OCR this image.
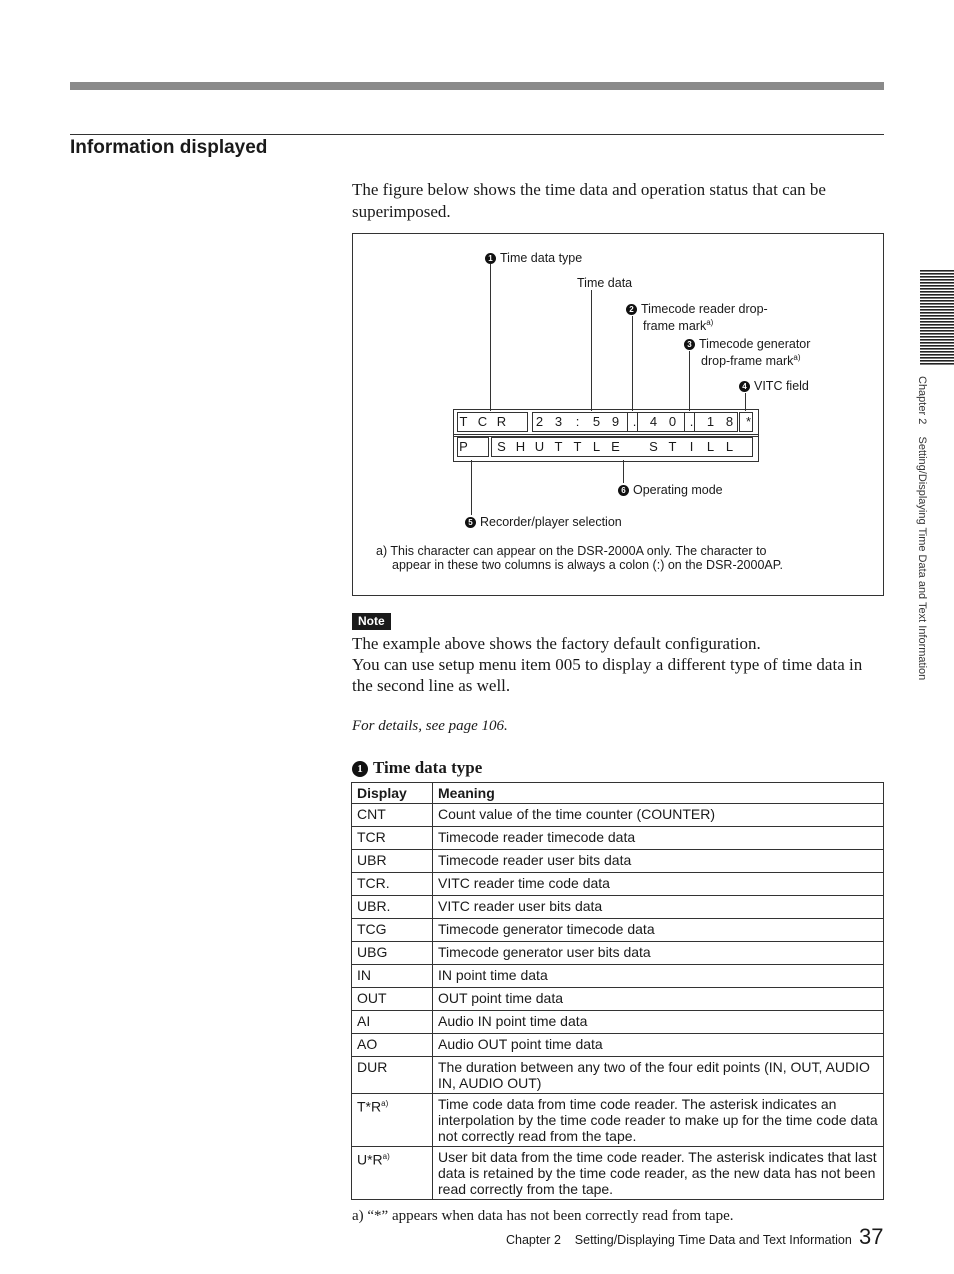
Information displayed
The figure below shows the time data and operation status that can be superimposed.
1 Time data type
Time data
2 Timecode reader drop-
frame mark$^{a)}$
3 Timecode generator
drop-frame mark$^{a)}$
4 VITC field
6 Operating mode
5 Recorder/player selection
T C R	2 3	:	5 9	.	4 0	.	1 8 *
P	S H U T T L E	S T	I	L L
a) This character can appear on the DSR-2000A only. The character to
appear in these two columns is always a colon (:) on the DSR-2000AP.
Note
The example above shows the factory default configuration.
You can use setup menu item 005 to display a different type of time data in the second line as well.
For details, see page 106.
1 Time data type
Display	Meaning
CNT	Count value of the time counter (COUNTER)
TCR	Timecode reader timecode data
UBR	Timecode reader user bits data
TCR.	VITC reader time code data
UBR.	VITC reader user bits data
TCG	Timecode generator timecode data
UBG	Timecode generator user bits data
IN	IN point time data
OUT	OUT point time data
AI	Audio IN point time data
AO	Audio OUT point time data
DUR	The duration between any two of the four edit points (IN, OUT, AUDIO IN, AUDIO OUT)
$T*R^{a)}$	Time code data from time code reader. The asterisk indicates an interpolation by the time code reader to make up for the time code data not correctly read from the tape.
$U*R^{a)}$	User bit data from the time code reader. The asterisk indicates that last data is retained by the time code reader, as the new data has not been read correctly from the tape.
a) “*” appears when data has not been correctly read from tape.
Chapter 2    Setting/Displaying Time Data and Text Information 37
Chapter 2    Setting/Displaying Time Data and Text Information
